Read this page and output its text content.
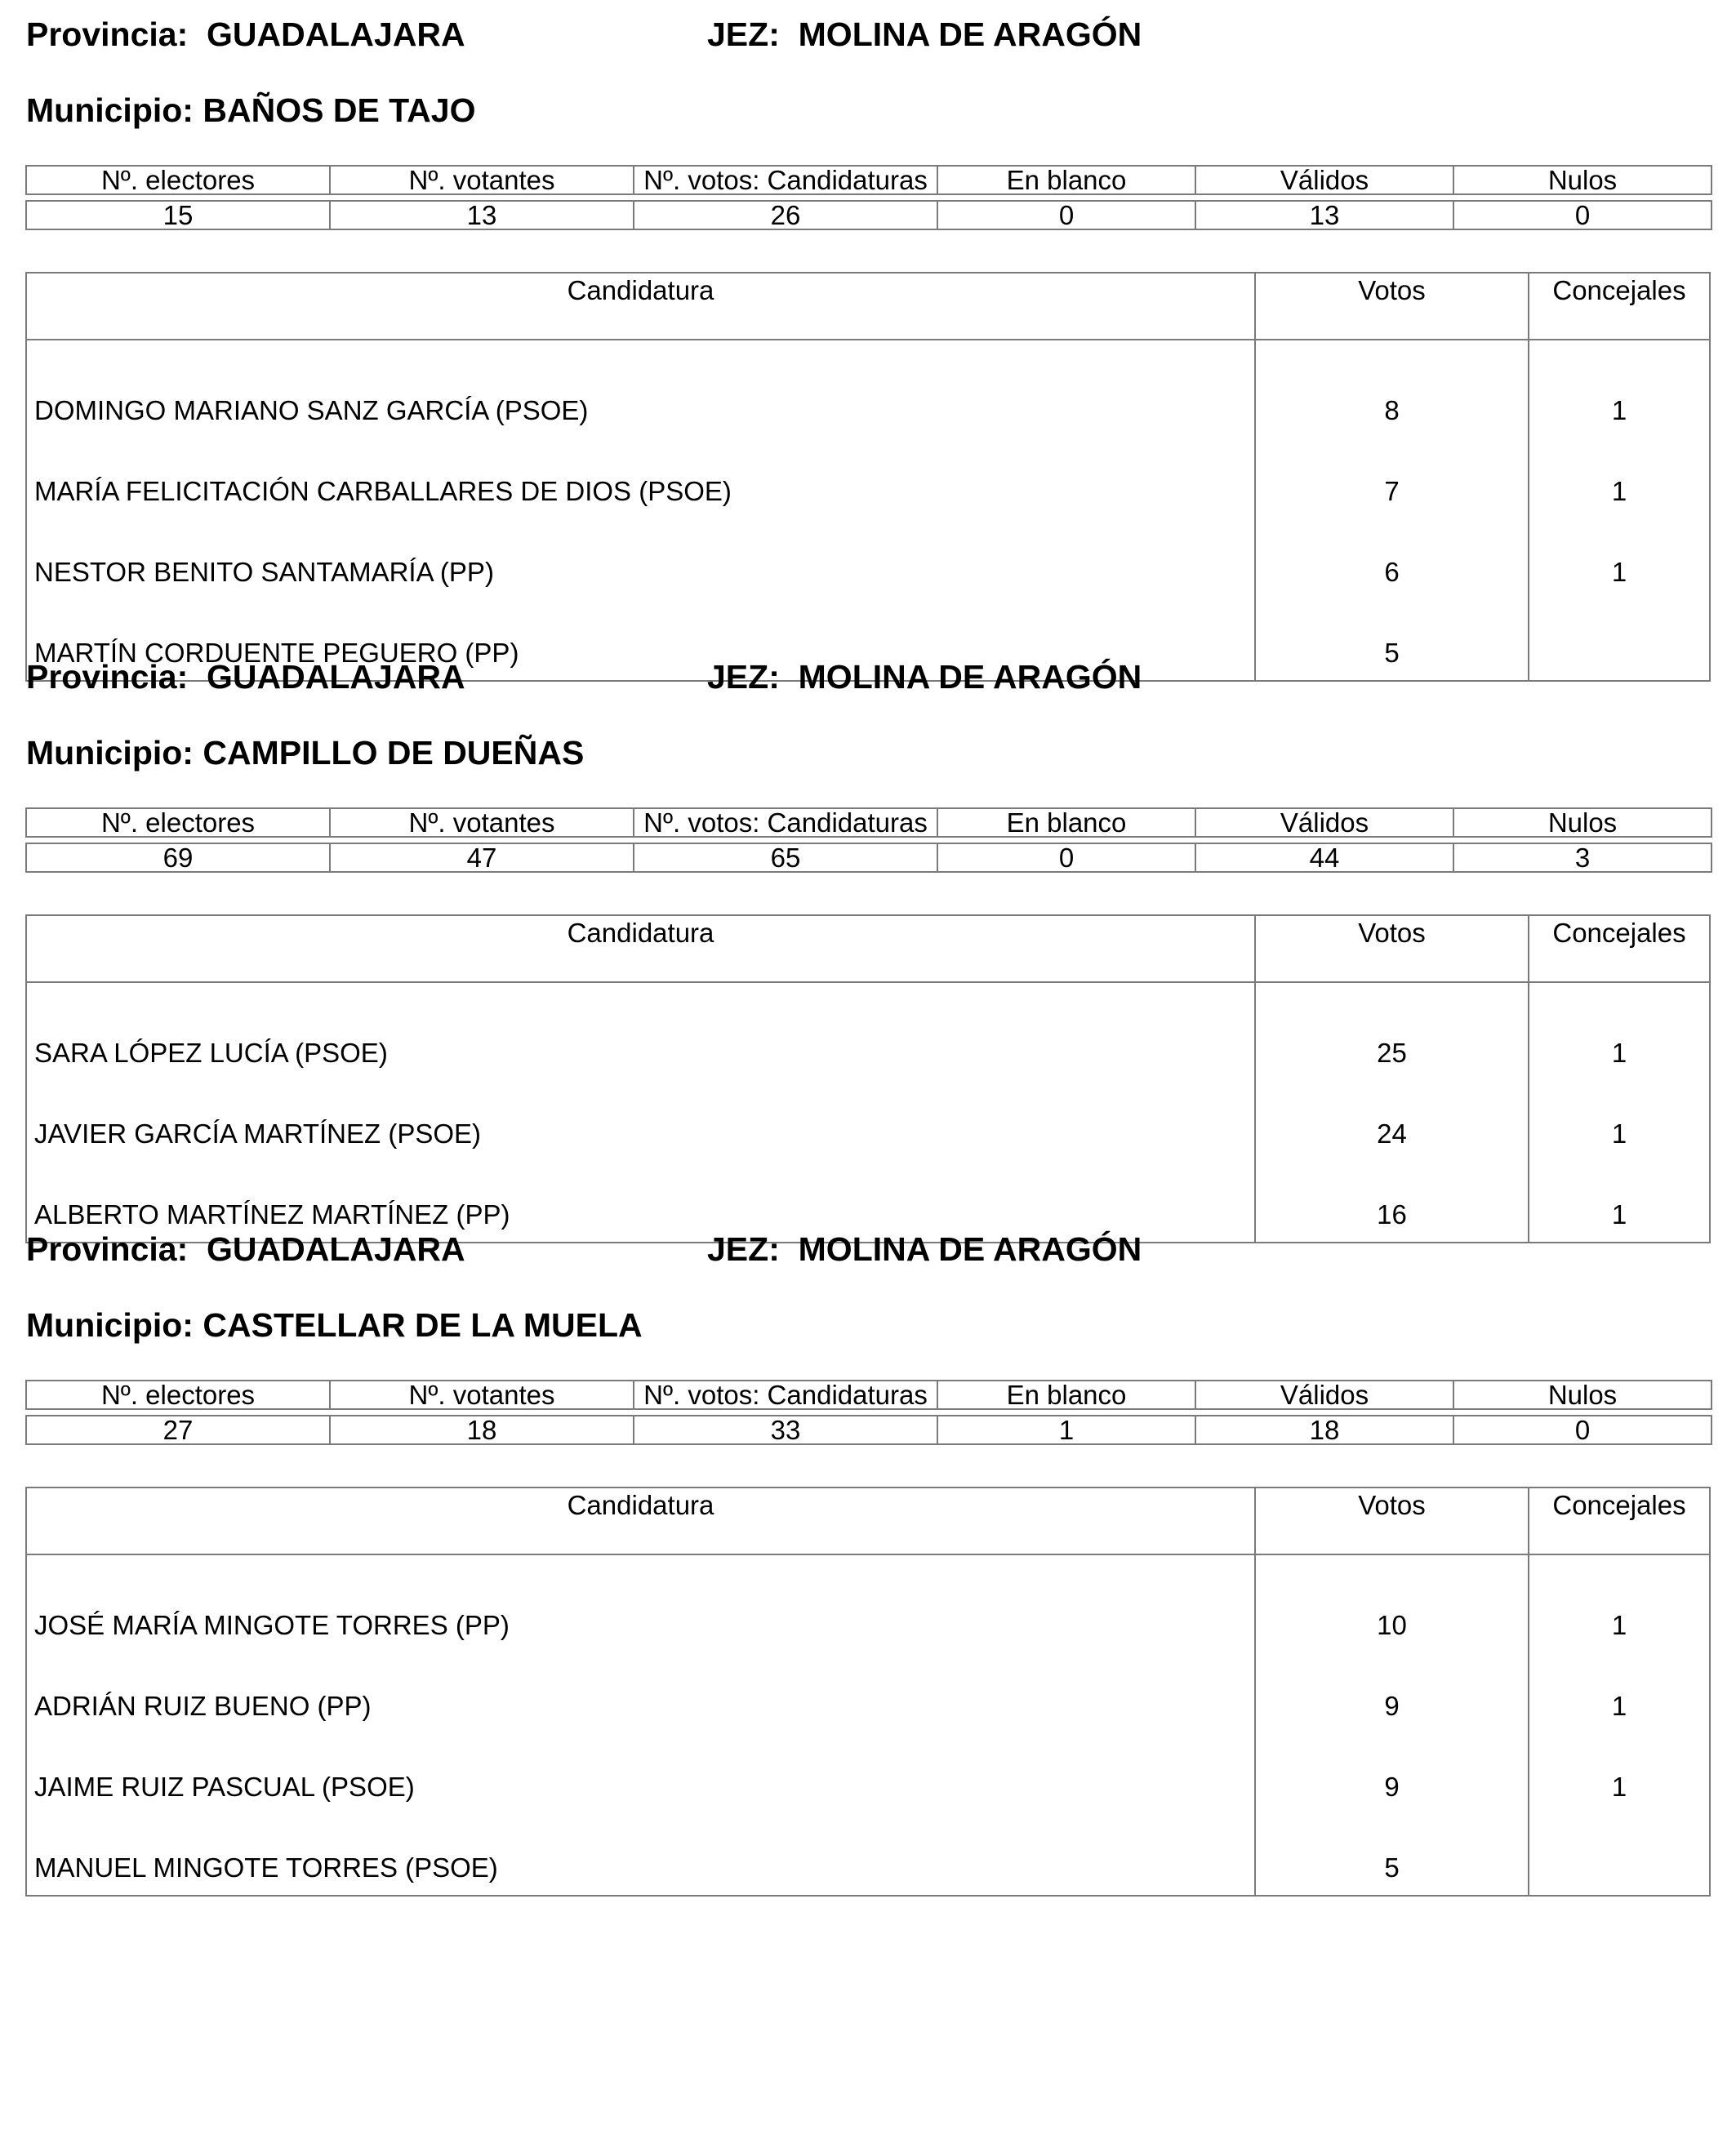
Provincia: GUADALAJARA	JEZ: MOLINA DE ARAGÓN
Municipio: BAÑOS DE TAJO
Nº. electores	Nº. votantes	Nº. votos: Candidaturas	En blanco	Válidos	Nulos

15	13	26	0	13	0
Candidatura	Votos	Concejales
DOMINGO MARIANO SANZ GARCÍA (PSOE)	8	1
MARÍA FELICITACIÓN CARBALLARES DE DIOS (PSOE)	7	1
NESTOR BENITO SANTAMARÍA (PP)	6	1
MARTÍN CORDUENTE PEGUERO (PP)	5	
Provincia: GUADALAJARA	JEZ: MOLINA DE ARAGÓN
Municipio: CAMPILLO DE DUEÑAS
Nº. electores	Nº. votantes	Nº. votos: Candidaturas	En blanco	Válidos	Nulos

69	47	65	0	44	3
Candidatura	Votos	Concejales
SARA LÓPEZ LUCÍA (PSOE)	25	1
JAVIER GARCÍA MARTÍNEZ (PSOE)	24	1
ALBERTO MARTÍNEZ MARTÍNEZ (PP)	16	1
Provincia: GUADALAJARA	JEZ: MOLINA DE ARAGÓN
Municipio: CASTELLAR DE LA MUELA
Nº. electores	Nº. votantes	Nº. votos: Candidaturas	En blanco	Válidos	Nulos

27	18	33	1	18	0
Candidatura	Votos	Concejales
JOSÉ MARÍA MINGOTE TORRES (PP)	10	1
ADRIÁN RUIZ BUENO (PP)	9	1
JAIME RUIZ PASCUAL (PSOE)	9	1
MANUEL MINGOTE TORRES (PSOE)	5	
